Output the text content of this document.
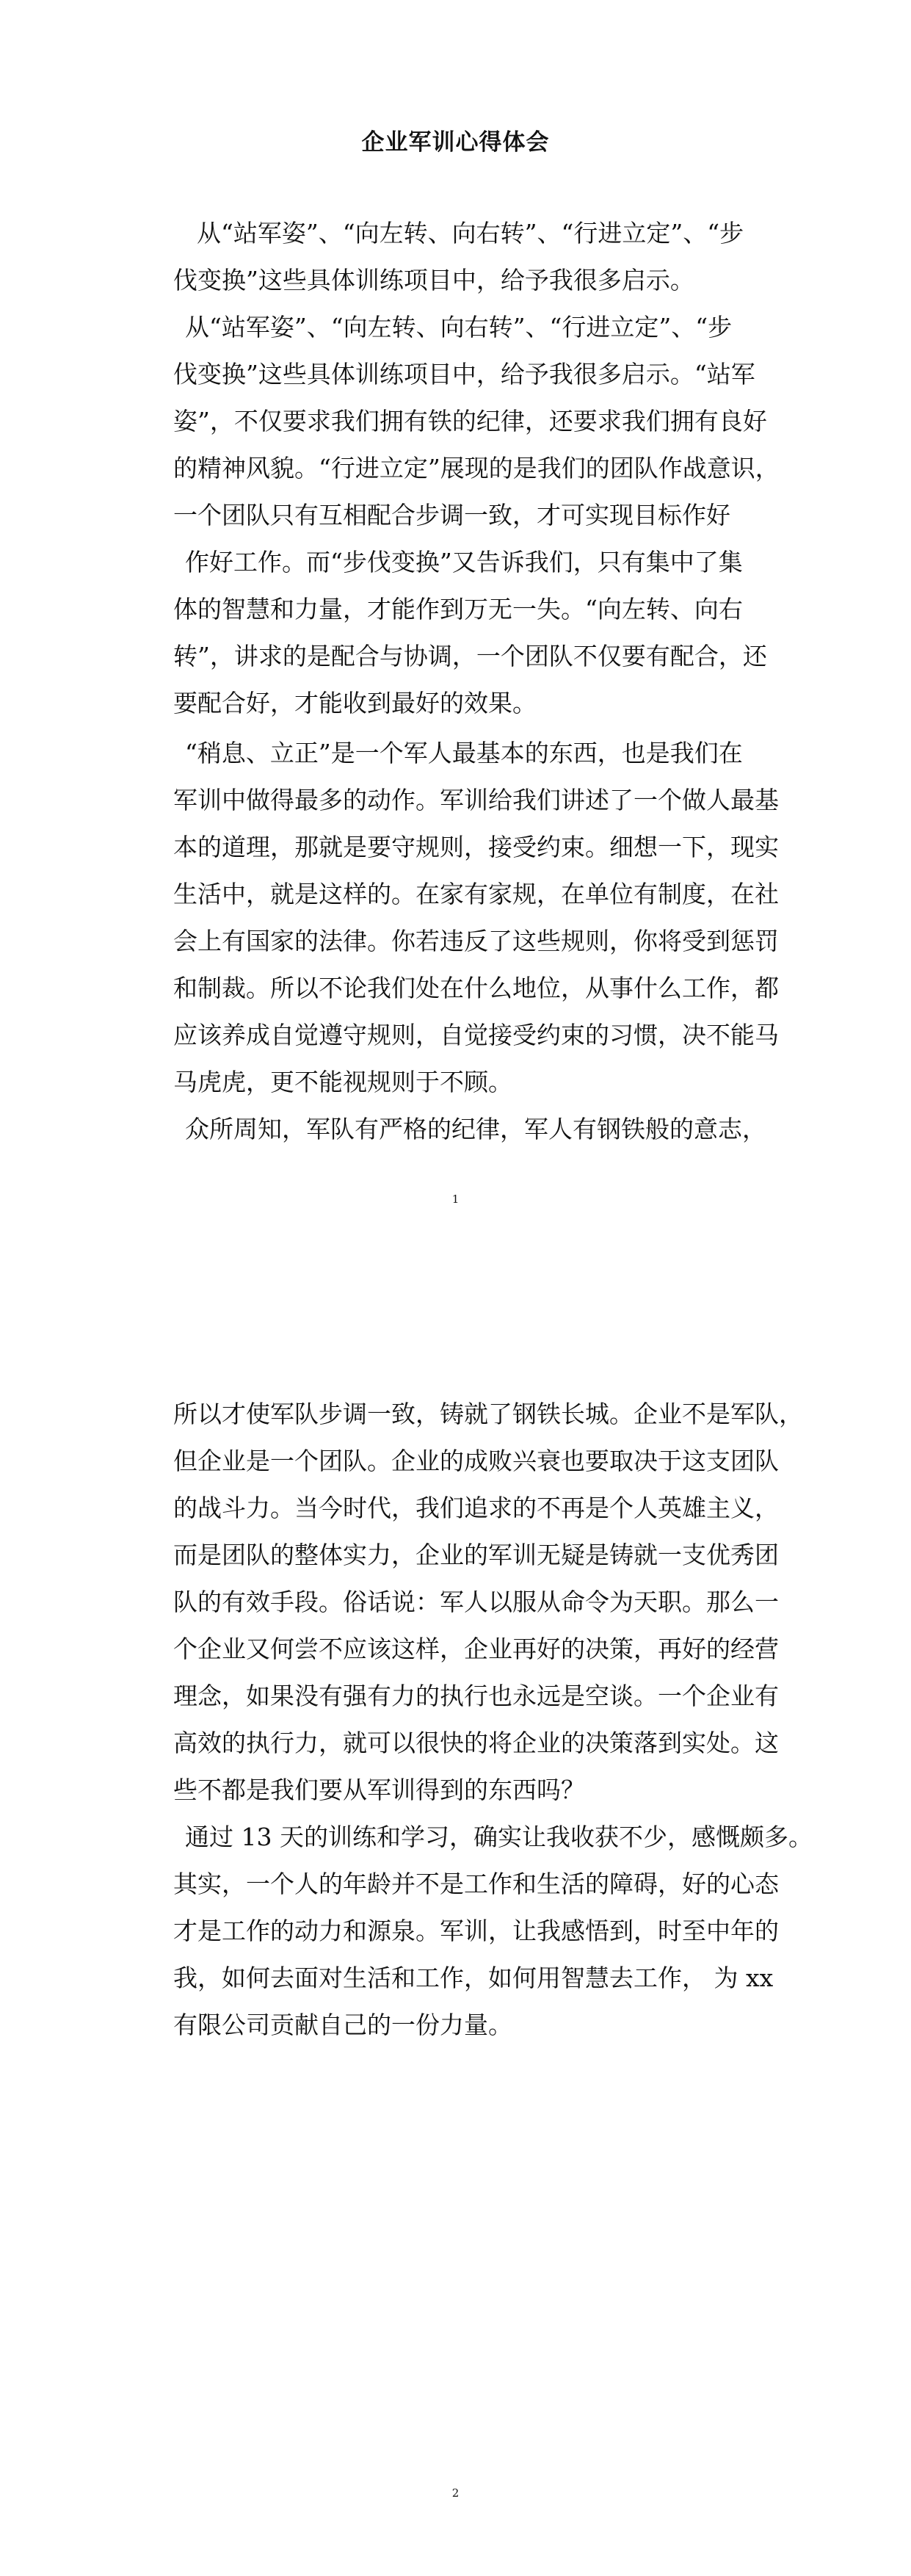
企业军训心得体会

从“站军姿”、“向左转、向右转”、“行进立定”、“步

伐变换”这些具体训练项目中，给予我很多启示。

从“站军姿”、“向左转、向右转”、“行进立定”、“步

伐变换”这些具体训练项目中，给予我很多启示。“站军

姿”，不仅要求我们拥有铁的纪律，还要求我们拥有良好

的精神风貌。“行进立定”展现的是我们的团队作战意识，

一个团队只有互相配合步调一致，才可实现目标作好

作好工作。而“步伐变换”又告诉我们，只有集中了集

体的智慧和力量，才能作到万无一失。“向左转、向右

转”，讲求的是配合与协调，一个团队不仅要有配合，还

要配合好，才能收到最好的效果。

“稍息、立正”是一个军人最基本的东西，也是我们在

军训中做得最多的动作。军训给我们讲述了一个做人最基

本的道理，那就是要守规则，接受约束。细想一下，现实

生活中，就是这样的。在家有家规，在单位有制度，在社

会上有国家的法律。你若违反了这些规则，你将受到惩罚

和制裁。所以不论我们处在什么地位，从事什么工作，都

应该养成自觉遵守规则，自觉接受约束的习惯，决不能马

马虎虎，更不能视规则于不顾。

众所周知，军队有严格的纪律，军人有钢铁般的意志，

1

所以才使军队步调一致，铸就了钢铁长城。企业不是军队，

但企业是一个团队。企业的成败兴衰也要取决于这支团队

的战斗力。当今时代，我们追求的不再是个人英雄主义，

而是团队的整体实力，企业的军训无疑是铸就一支优秀团

队的有效手段。俗话说：军人以服从命令为天职。那么一

个企业又何尝不应该这样，企业再好的决策，再好的经营

理念，如果没有强有力的执行也永远是空谈。一个企业有

高效的执行力，就可以很快的将企业的决策落到实处。这

些不都是我们要从军训得到的东西吗？

通过 13 天的训练和学习，确实让我收获不少，感慨颇多。

其实，一个人的年龄并不是工作和生活的障碍，好的心态

才是工作的动力和源泉。军训，让我感悟到，时至中年的

我，如何去面对生活和工作，如何用智慧去工作， 为 xx

有限公司贡献自己的一份力量。

2
